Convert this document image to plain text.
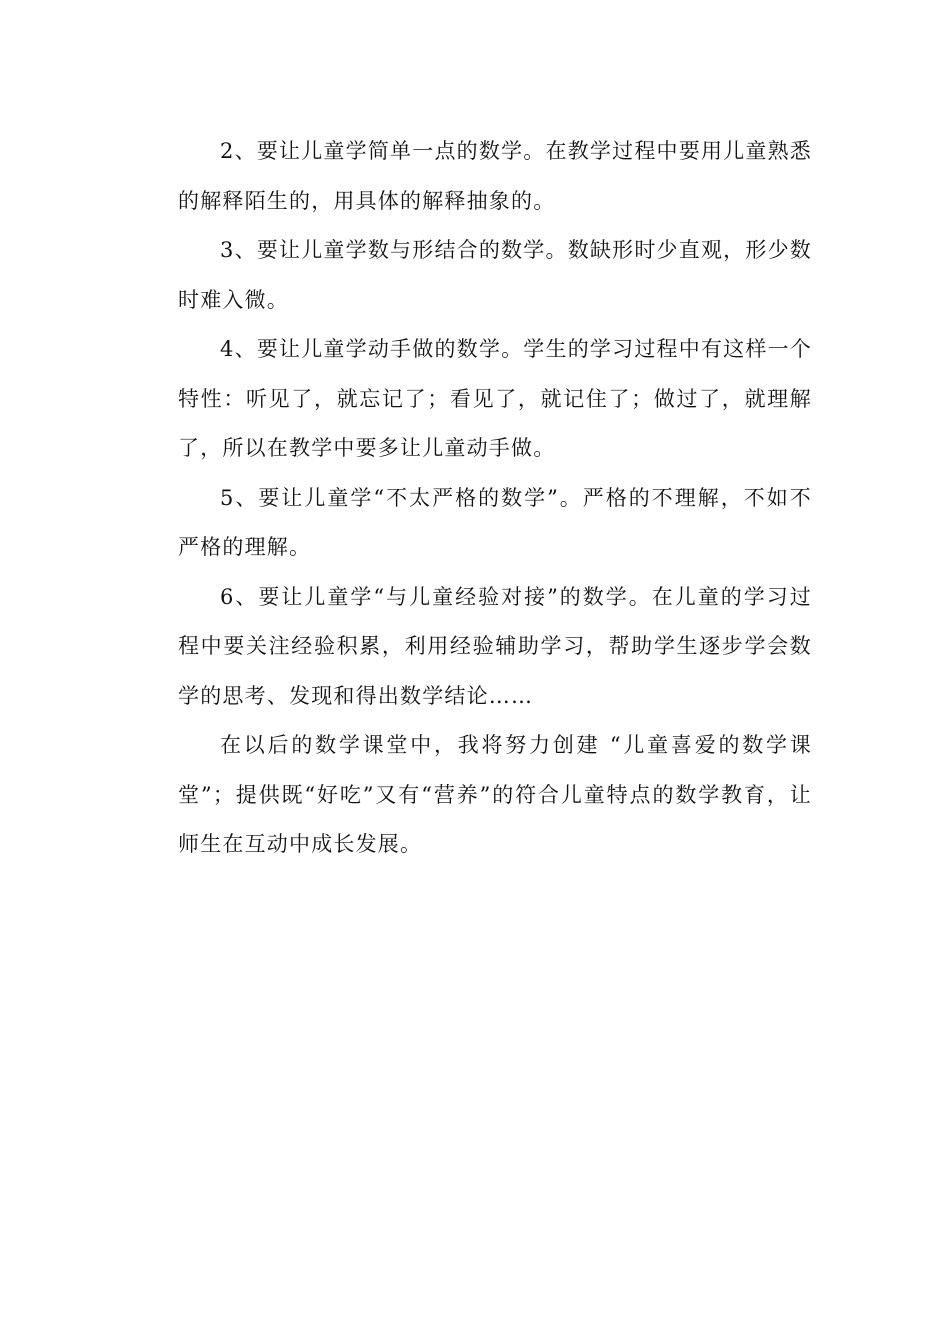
2、要让儿童学简单一点的数学。在教学过程中要用儿童熟悉的解释陌生的，用具体的解释抽象的。

3、要让儿童学数与形结合的数学。数缺形时少直观，形少数时难入微。

4、要让儿童学动手做的数学。学生的学习过程中有这样一个特性：听见了，就忘记了；看见了，就记住了；做过了，就理解了，所以在教学中要多让儿童动手做。

5、要让儿童学“不太严格的数学”。严格的不理解，不如不严格的理解。

6、要让儿童学“与儿童经验对接”的数学。在儿童的学习过程中要关注经验积累，利用经验辅助学习，帮助学生逐步学会数学的思考、发现和得出数学结论……

在以后的数学课堂中，我将努力创建 “儿童喜爱的数学课堂”；提供既“好吃”又有“营养”的符合儿童特点的数学教育，让师生在互动中成长发展。
